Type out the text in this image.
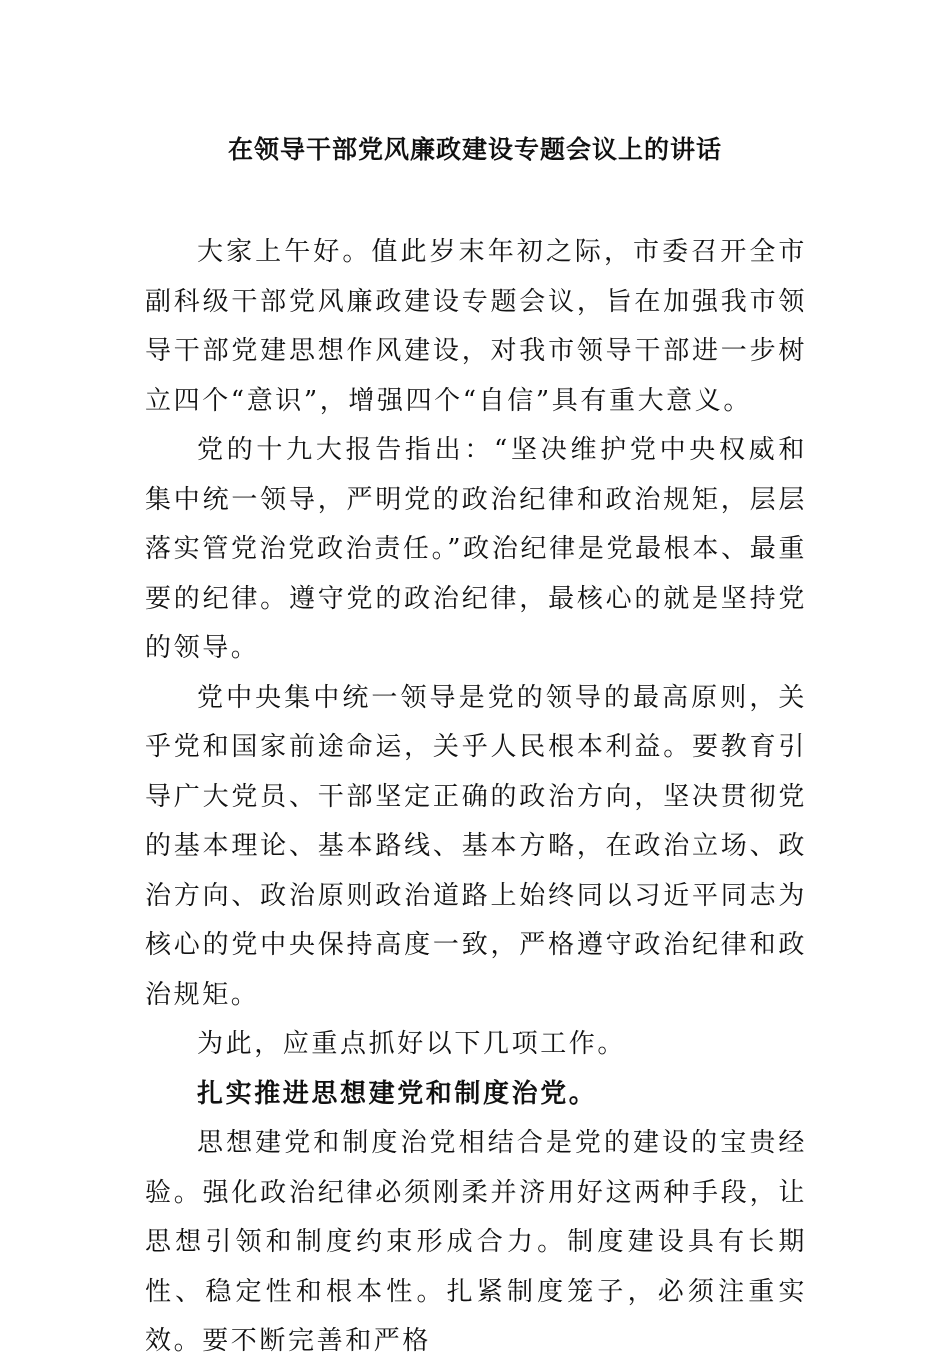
在领导干部党风廉政建设专题会议上的讲话

大家上午好。值此岁末年初之际，市委召开全市副科级干部党风廉政建设专题会议，旨在加强我市领导干部党建思想作风建设，对我市领导干部进一步树立四个“意识”，增强四个“自信”具有重大意义。

党的十九大报告指出：“坚决维护党中央权威和集中统一领导，严明党的政治纪律和政治规矩，层层落实管党治党政治责任。”政治纪律是党最根本、最重要的纪律。遵守党的政治纪律，最核心的就是坚持党的领导。

党中央集中统一领导是党的领导的最高原则，关乎党和国家前途命运，关乎人民根本利益。要教育引导广大党员、干部坚定正确的政治方向，坚决贯彻党的基本理论、基本路线、基本方略，在政治立场、政治方向、政治原则政治道路上始终同以习近平同志为核心的党中央保持高度一致，严格遵守政治纪律和政治规矩。

为此，应重点抓好以下几项工作。

扎实推进思想建党和制度治党。

思想建党和制度治党相结合是党的建设的宝贵经验。强化政治纪律必须刚柔并济用好这两种手段，让思想引领和制度约束形成合力。制度建设具有长期性、稳定性和根本性。扎紧制度笼子，必须注重实效。要不断完善和严格
